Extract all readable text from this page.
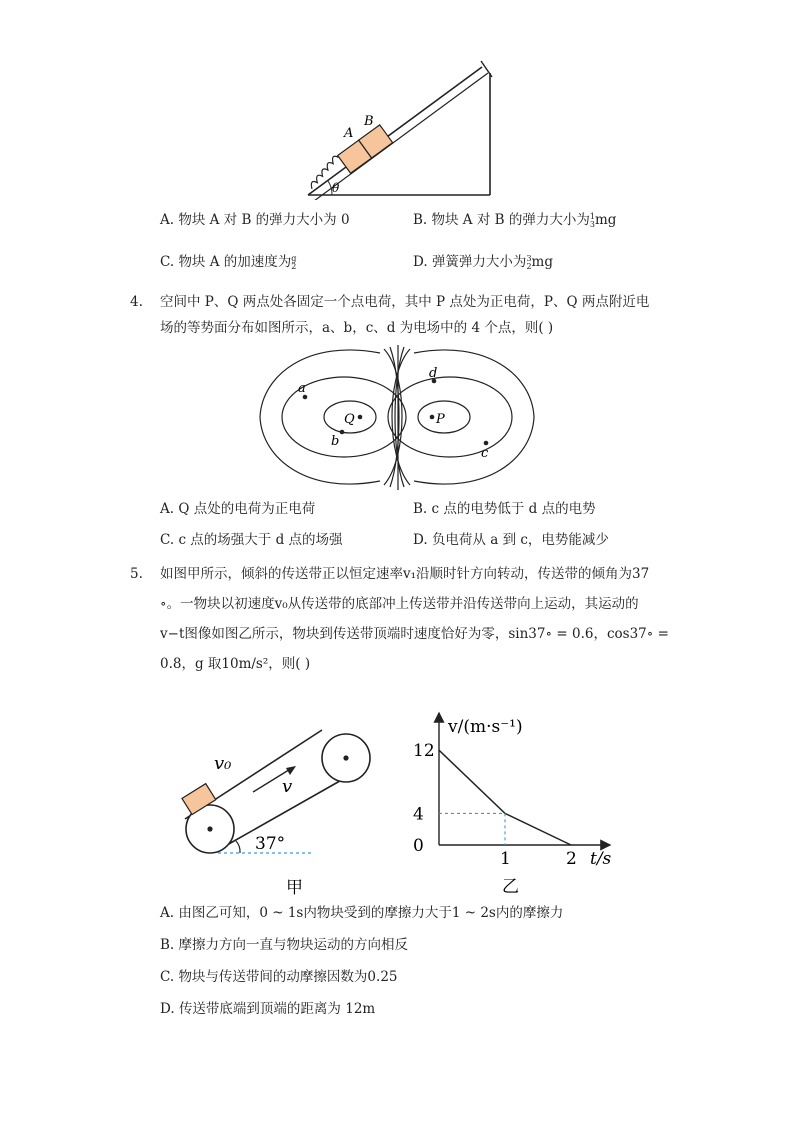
A
B
θ
A. 物块 A 对 B 的弹力大小为 0	B. 物块 A 对 B 的弹力大小为 1
3 mg
C. 物块 A 的加速度为 g
2	D. 弹簧弹力大小为 3
2 mg
4. 空间中 P、Q 两点处各固定一个点电荷，其中 P 点处为正电荷，P、Q 两点附近电
场的等势面分布如图所示，a、b，c、d 为电场中的 4 个点，则( )
Q	P
a
b
d
c
A. Q 点处的电荷为正电荷	B. c 点的电势低于 d 点的电势
C. c 点的场强大于 d 点的场强	D. 负电荷从 a 到 c，电势能减少
5. 如图甲所示，倾斜的传送带正以恒定速率v₁沿顺时针方向转动，传送带的倾角为37
∘。一物块以初速度v₀从传送带的底部冲上传送带并沿传送带向上运动，其运动的
v−t图像如图乙所示，物块到传送带顶端时速度恰好为零，sin37∘ = 0.6，cos37∘ =
0.8，g 取10m/s²，则( )
v₀
v
37°
甲
12
4
0
1	2
v/(m·s⁻¹)
t/s
乙
A. 由图乙可知，0 ~ 1s内物块受到的摩擦力大于1 ~ 2s内的摩擦力
B. 摩擦力方向一直与物块运动的方向相反
C. 物块与传送带间的动摩擦因数为0.25
D. 传送带底端到顶端的距离为 12m
